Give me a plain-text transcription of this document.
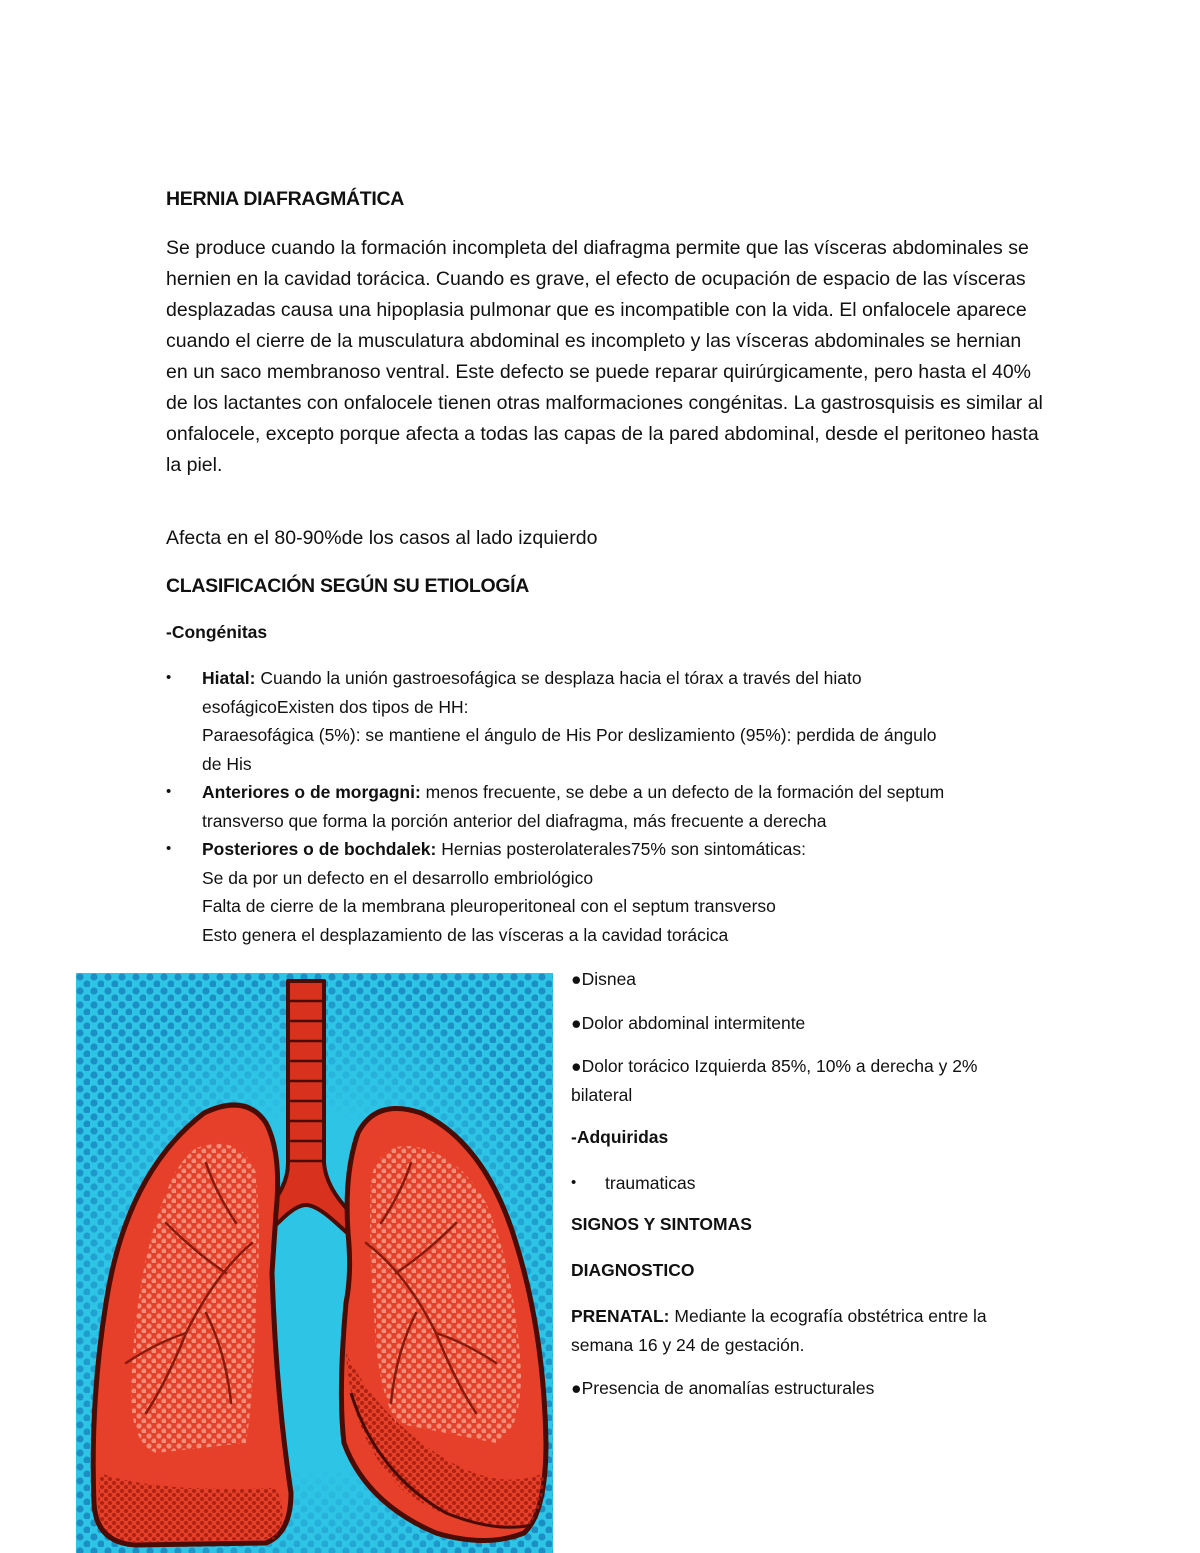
HERNIA DIAFRAGMÁTICA
Se produce cuando la formación incompleta del diafragma permite que las vísceras abdominales se hernien en la cavidad torácica. Cuando es grave, el efecto de ocupación de espacio de las vísceras desplazadas causa una hipoplasia pulmonar que es incompatible con la vida. El onfalocele aparece cuando el cierre de la musculatura abdominal es incompleto y las vísceras abdominales se hernian en un saco membranoso ventral. Este defecto se puede reparar quirúrgicamente, pero hasta el 40% de los lactantes con onfalocele tienen otras malformaciones congénitas. La gastrosquisis es similar al onfalocele, excepto porque afecta a todas las capas de la pared abdominal, desde el peritoneo hasta la piel.
Afecta en el 80-90%de los casos al lado izquierdo
CLASIFICACIÓN SEGÚN SU ETIOLOGÍA
-Congénitas
• Hiatal: Cuando la unión gastroesofágica se desplaza hacia el tórax a través del hiato
esofágicoExisten dos tipos de HH:
Paraesofágica (5%): se mantiene el ángulo de His Por deslizamiento (95%): perdida de ángulo
de His
• Anteriores o de morgagni: menos frecuente, se debe a un defecto de la formación del septum
transverso que forma la porción anterior del diafragma, más frecuente a derecha
• Posteriores o de bochdalek: Hernias posterolaterales75% son sintomáticas:
Se da por un defecto en el desarrollo embriológico
Falta de cierre de la membrana pleuroperitoneal con el septum transverso
Esto genera el desplazamiento de las vísceras a la cavidad torácica
●Disnea
●Dolor abdominal intermitente
●Dolor torácico Izquierda 85%, 10% a derecha y 2%
bilateral
-Adquiridas
• traumaticas
SIGNOS Y SINTOMAS
DIAGNOSTICO
PRENATAL: Mediante la ecografía obstétrica entre la
semana 16 y 24 de gestación.
●Presencia de anomalías estructurales
